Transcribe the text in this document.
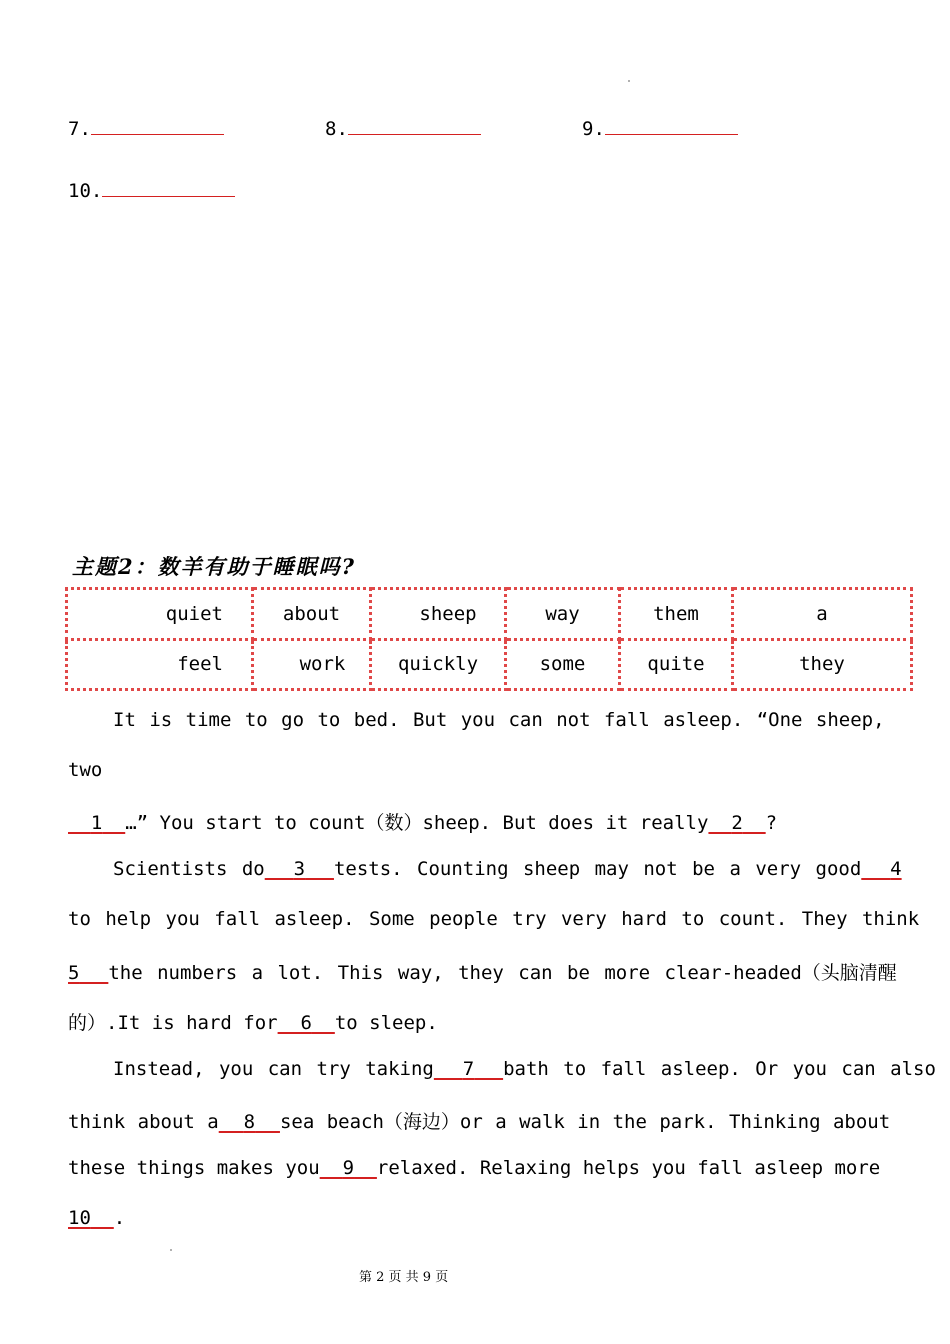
7.	8.	9.
10.
主题2：数羊有助于睡眠吗?
quiet	about	sheep	way	them	a
feel	work	quickly	some	quite	they
It is time to go to bed. But you can not fall asleep. “One sheep,
two
1 …” You start to count（数）sheep. But does it really 2 ?
Scientists do 3 tests. Counting sheep may not be a very good 4
to help you fall asleep. Some people try very hard to count. They think
5 the numbers a lot. This way, they can be more clear-headed（头脑清醒
的）.It is hard for 6 to sleep.
Instead, you can try taking 7 bath to fall asleep. Or you can also
think about a 8 sea beach（海边）or a walk in the park. Thinking about
these things makes you 9 relaxed. Relaxing helps you fall asleep more
10 .
第 2 页 共 9 页
